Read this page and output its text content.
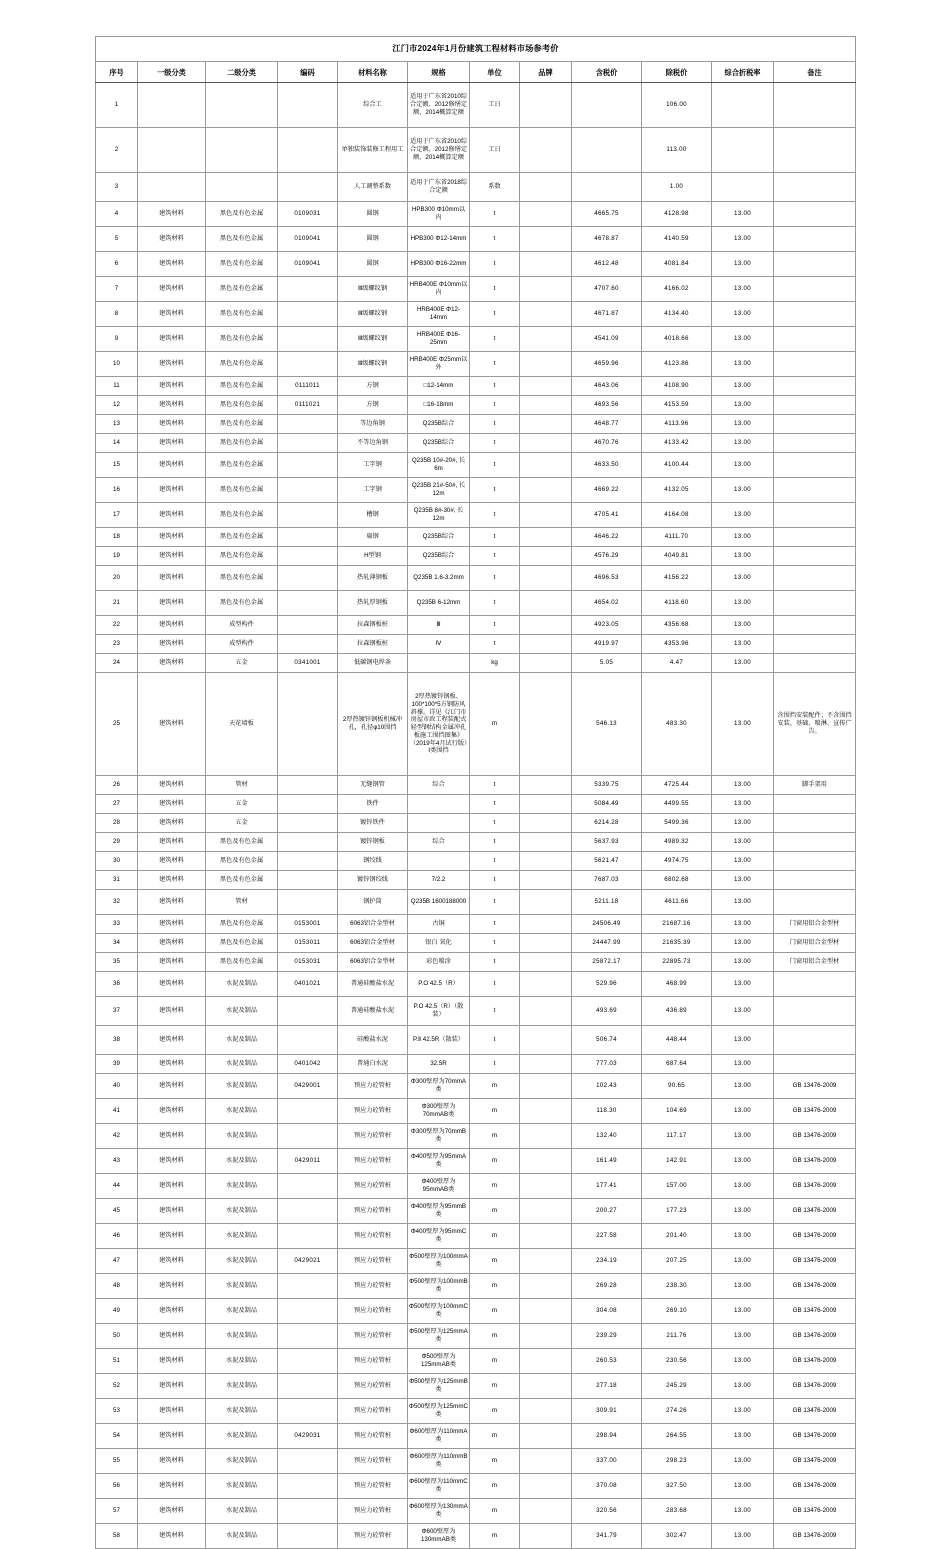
江门市2024年1月份建筑工程材料市场参考价											
序号	一级分类	二级分类	编码	材料名称	规格	单位	品牌	含税价	除税价	综合折税率	备注
1				综合工	适用于广东省2010综合定额、2012修缮定额、2014概算定额	工日			106.00		
2				单独装饰装修工程用工	适用于广东省2010综合定额、2012修缮定额、2014概算定额	工日			113.00		
3				人工调整系数	适用于广东省2018综合定额	系数			1.00		
4	建筑材料	黑色及有色金属	0109031	圆钢	HPB300 Φ10mm以内	t		4665.75	4128.98	13.00	
5	建筑材料	黑色及有色金属	0109041	圆钢	HPB300 Φ12-14mm	t		4678.87	4140.59	13.00	
6	建筑材料	黑色及有色金属	0109041	圆钢	HPB300 Φ16-22mm	t		4612.48	4081.84	13.00	
7	建筑材料	黑色及有色金属		Ⅲ级螺纹钢	HRB400E Φ10mm以内	t		4707.60	4166.02	13.00	
8	建筑材料	黑色及有色金属		Ⅲ级螺纹钢	HRB400E Φ12-14mm	t		4671.87	4134.40	13.00	
9	建筑材料	黑色及有色金属		Ⅲ级螺纹钢	HRB400E Φ16-25mm	t		4541.09	4018.66	13.00	
10	建筑材料	黑色及有色金属		Ⅲ级螺纹钢	HRB400E Φ25mm以外	t		4659.96	4123.86	13.00	
11	建筑材料	黑色及有色金属	0111011	方钢	□12-14mm	t		4643.06	4108.90	13.00	
12	建筑材料	黑色及有色金属	0111021	方钢	□16-18mm	t		4693.56	4153.59	13.00	
13	建筑材料	黑色及有色金属		等边角钢	Q235B综合	t		4648.77	4113.96	13.00	
14	建筑材料	黑色及有色金属		不等边角钢	Q235B综合	t		4670.76	4133.42	13.00	
15	建筑材料	黑色及有色金属		工字钢	Q235B 10#-20#, 长6m	t		4633.50	4100.44	13.00	
16	建筑材料	黑色及有色金属		工字钢	Q235B 21#-50#, 长12m	t		4669.22	4132.05	13.00	
17	建筑材料	黑色及有色金属		槽钢	Q235B 8#-30#, 长12m	t		4705.41	4164.08	13.00	
18	建筑材料	黑色及有色金属		扁钢	Q235B综合	t		4646.22	4111.70	13.00	
19	建筑材料	黑色及有色金属		H型钢	Q235B综合	t		4576.29	4049.81	13.00	
20	建筑材料	黑色及有色金属		热轧薄钢板	Q235B 1.6-3.2mm	t		4696.53	4156.22	13.00	
21	建筑材料	黑色及有色金属		热轧厚钢板	Q235B 6-12mm	t		4654.02	4118.60	13.00	
22	建筑材料	成型构件		拉森钢板桩	Ⅲ	t		4923.05	4356.68	13.00	
23	建筑材料	成型构件		拉森钢板桩	Ⅳ	t		4919.97	4353.96	13.00	
24	建筑材料	五金	0341001	低碳钢电焊条		kg		5.05	4.47	13.00	
25	建筑材料	天花墙板		2厚热镀锌钢板机械冲孔，孔径φ10围挡	2厚热镀锌钢板、100*100*5方钢防风斜撑。详见《江门市房屋市政工程装配式轻型钢结构金属冲孔板施工围挡图集》（2019年4月试行版）Ⅰ类围挡	m		546.13	483.30	13.00	含围挡安装配件；不含围挡安装、基础、喷淋、宣传广告。
26	建筑材料	管材		无缝钢管	综合	t		5339.75	4725.44	13.00	脚手架用
27	建筑材料	五金		铁件		t		5084.49	4499.55	13.00	
28	建筑材料	五金		镀锌铁件		t		6214.28	5499.36	13.00	
29	建筑材料	黑色及有色金属		镀锌钢板	综合	t		5637.93	4989.32	13.00	
30	建筑材料	黑色及有色金属		钢绞线		t		5621.47	4974.75	13.00	
31	建筑材料	黑色及有色金属		镀锌钢绞线	7/2.2	t		7687.03	6802.68	13.00	
32	建筑材料	管材		钢护筒	Q235B 1600188000	t		5211.18	4611.66	13.00	
33	建筑材料	黑色及有色金属	0153001	6063铝合金型材	古铜	t		24506.49	21687.16	13.00	门窗用铝合金型材
34	建筑材料	黑色及有色金属	0153011	6063铝合金型材	银白 氧化	t		24447.99	21635.39	13.00	门窗用铝合金型材
35	建筑材料	黑色及有色金属	0153031	6063铝合金型材	彩色喷涂	t		25872.17	22895.73	13.00	门窗用铝合金型材
36	建筑材料	水泥及制品	0401021	普通硅酸盐水泥	P.O 42.5（R）	t		529.96	468.99	13.00	
37	建筑材料	水泥及制品		普通硅酸盐水泥	P.O 42.5（R）（散装）	t		493.69	436.89	13.00	
38	建筑材料	水泥及制品		硅酸盐水泥	P.Ⅱ 42.5R（散装）	t		506.74	448.44	13.00	
39	建筑材料	水泥及制品	0401042	普通白水泥	32.5R	t		777.03	687.64	13.00	
40	建筑材料	水泥及制品	0429001	预应力砼管桩	Φ300壁厚为70mmA类	m		102.43	90.65	13.00	GB 13476-2009
41	建筑材料	水泥及制品		预应力砼管桩	Φ300壁厚为70mmAB类	m		118.30	104.69	13.00	GB 13476-2009
42	建筑材料	水泥及制品		预应力砼管桩	Φ300壁厚为70mmB类	m		132.40	117.17	13.00	GB 13476-2009
43	建筑材料	水泥及制品	0429011	预应力砼管桩	Φ400壁厚为95mmA类	m		161.49	142.91	13.00	GB 13476-2009
44	建筑材料	水泥及制品		预应力砼管桩	Φ400壁厚为95mmAB类	m		177.41	157.00	13.00	GB 13476-2009
45	建筑材料	水泥及制品		预应力砼管桩	Φ400壁厚为95mmB类	m		200.27	177.23	13.00	GB 13476-2009
46	建筑材料	水泥及制品		预应力砼管桩	Φ400壁厚为95mmC类	m		227.58	201.40	13.00	GB 13476-2009
47	建筑材料	水泥及制品	0429021	预应力砼管桩	Φ500壁厚为100mmA类	m		234.19	207.25	13.00	GB 13476-2009
48	建筑材料	水泥及制品		预应力砼管桩	Φ500壁厚为100mmB类	m		269.28	238.30	13.00	GB 13476-2009
49	建筑材料	水泥及制品		预应力砼管桩	Φ500壁厚为100mmC类	m		304.08	269.10	13.00	GB 13476-2009
50	建筑材料	水泥及制品		预应力砼管桩	Φ500壁厚为125mmA类	m		239.29	211.76	13.00	GB 13476-2009
51	建筑材料	水泥及制品		预应力砼管桩	Φ500壁厚为125mmAB类	m		260.53	230.56	13.00	GB 13476-2009
52	建筑材料	水泥及制品		预应力砼管桩	Φ500壁厚为125mmB类	m		277.18	245.29	13.00	GB 13476-2009
53	建筑材料	水泥及制品		预应力砼管桩	Φ500壁厚为125mmC类	m		309.91	274.26	13.00	GB 13476-2009
54	建筑材料	水泥及制品	0429031	预应力砼管桩	Φ600壁厚为110mmA类	m		298.94	264.55	13.00	GB 13476-2009
55	建筑材料	水泥及制品		预应力砼管桩	Φ600壁厚为110mmB类	m		337.00	298.23	13.00	GB 13476-2009
56	建筑材料	水泥及制品		预应力砼管桩	Φ600壁厚为110mmC类	m		370.08	327.50	13.00	GB 13476-2009
57	建筑材料	水泥及制品		预应力砼管桩	Φ600壁厚为130mmA类	m		320.56	283.68	13.00	GB 13476-2009
58	建筑材料	水泥及制品		预应力砼管桩	Φ600壁厚为130mmAB类	m		341.79	302.47	13.00	GB 13476-2009
